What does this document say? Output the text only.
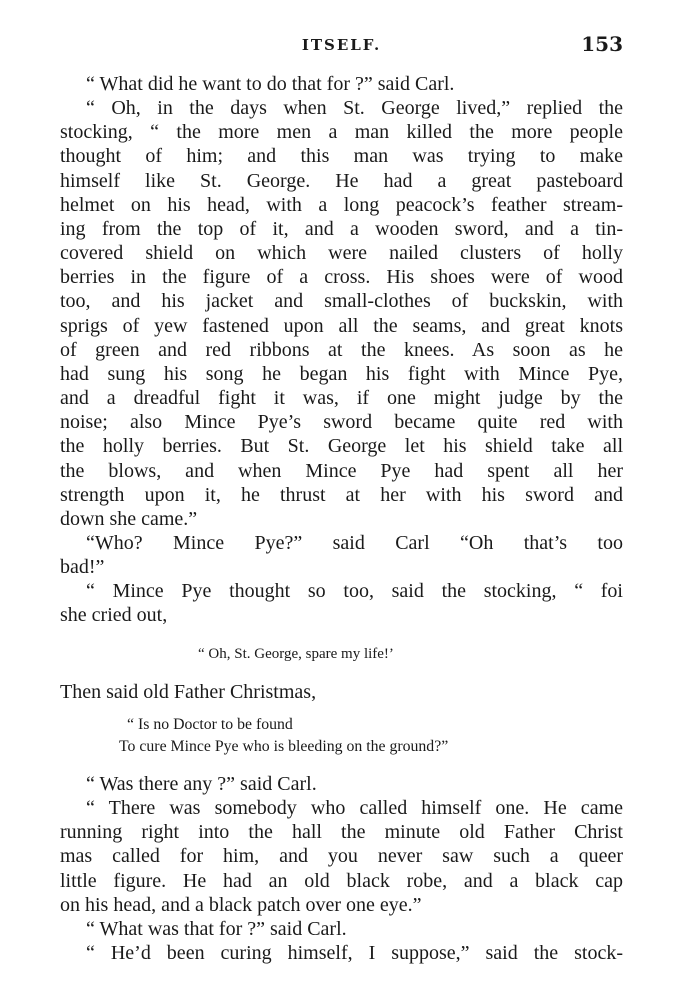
ITSELF.	153
“ What did he want to do that for ?” said Carl.
“ Oh, in the days when St. George lived,” replied the
stocking, “ the more men a man killed the more people
thought of him; and this man was trying to make
himself like St. George. He had a great pasteboard
helmet on his head, with a long peacock’s feather stream-
ing from the top of it, and a wooden sword, and a tin-
covered shield on which were nailed clusters of holly
berries in the figure of a cross. His shoes were of wood
too, and his jacket and small-clothes of buckskin, with
sprigs of yew fastened upon all the seams, and great knots
of green and red ribbons at the knees. As soon as he
had sung his song he began his fight with Mince Pye,
and a dreadful fight it was, if one might judge by the
noise; also Mince Pye’s sword became quite red with
the holly berries. But St. George let his shield take all
the blows, and when Mince Pye had spent all her
strength upon it, he thrust at her with his sword and
down she came.”
“Who? Mince Pye?” said Carl “Oh that’s too
bad!”
“ Mince Pye thought so too, said the stocking, “ foi
she cried out,
“ Oh, St. George, spare my life!’
Then said old Father Christmas,
“ Is no Doctor to be found
To cure Mince Pye who is bleeding on the ground?”
“ Was there any ?” said Carl.
“ There was somebody who called himself one. He came
running right into the hall the minute old Father Christ
mas called for him, and you never saw such a queer
little figure. He had an old black robe, and a black cap
on his head, and a black patch over one eye.”
“ What was that for ?” said Carl.
“ He’d been curing himself, I suppose,” said the stock-
